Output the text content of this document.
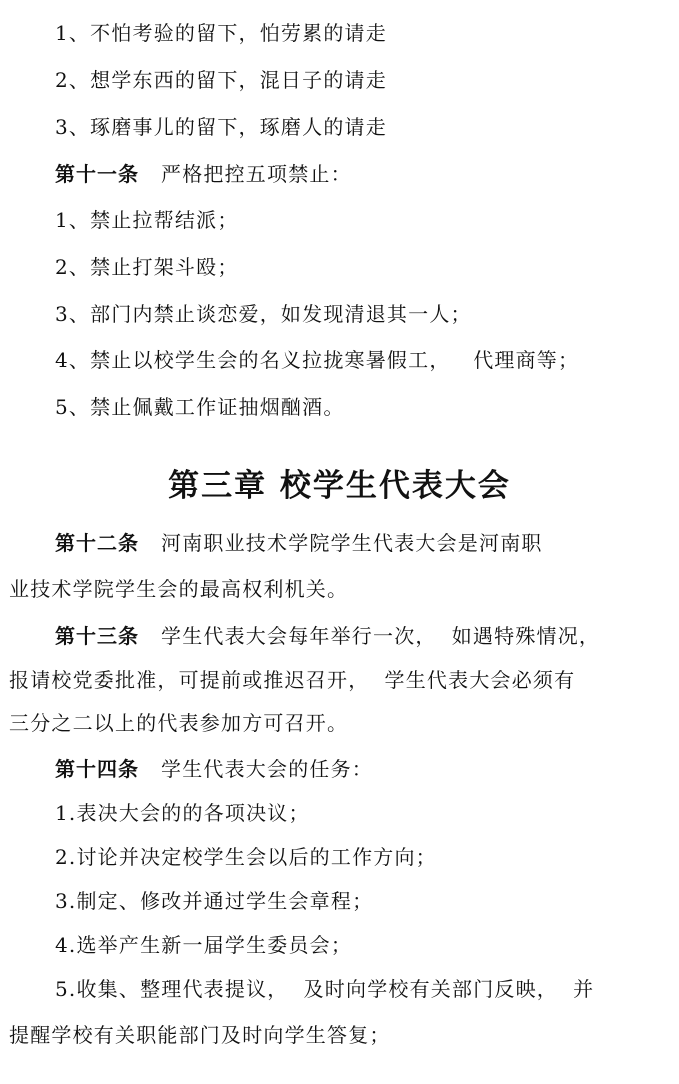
1、不怕考验的留下，怕劳累的请走
2、想学东西的留下，混日子的请走
3、琢磨事儿的留下，琢磨人的请走
第十一条 严格把控五项禁止：
1、禁止拉帮结派；
2、禁止打架斗殴；
3、部门内禁止谈恋爱，如发现清退其一人；
4、禁止以校学生会的名义拉拢寒暑假工，   代理商等；
5、禁止佩戴工作证抽烟酗酒。
第三章 校学生代表大会
第十二条 河南职业技术学院学生代表大会是河南职
业技术学院学生会的最高权利机关。
第十三条 学生代表大会每年举行一次，  如遇特殊情况，
报请校党委批准，可提前或推迟召开，  学生代表大会必须有
三分之二以上的代表参加方可召开。
第十四条 学生代表大会的任务：
1.表决大会的的各项决议；
2.讨论并决定校学生会以后的工作方向；
3.制定、修改并通过学生会章程；
4.选举产生新一届学生委员会；
5.收集、整理代表提议，  及时向学校有关部门反映，  并
提醒学校有关职能部门及时向学生答复；
